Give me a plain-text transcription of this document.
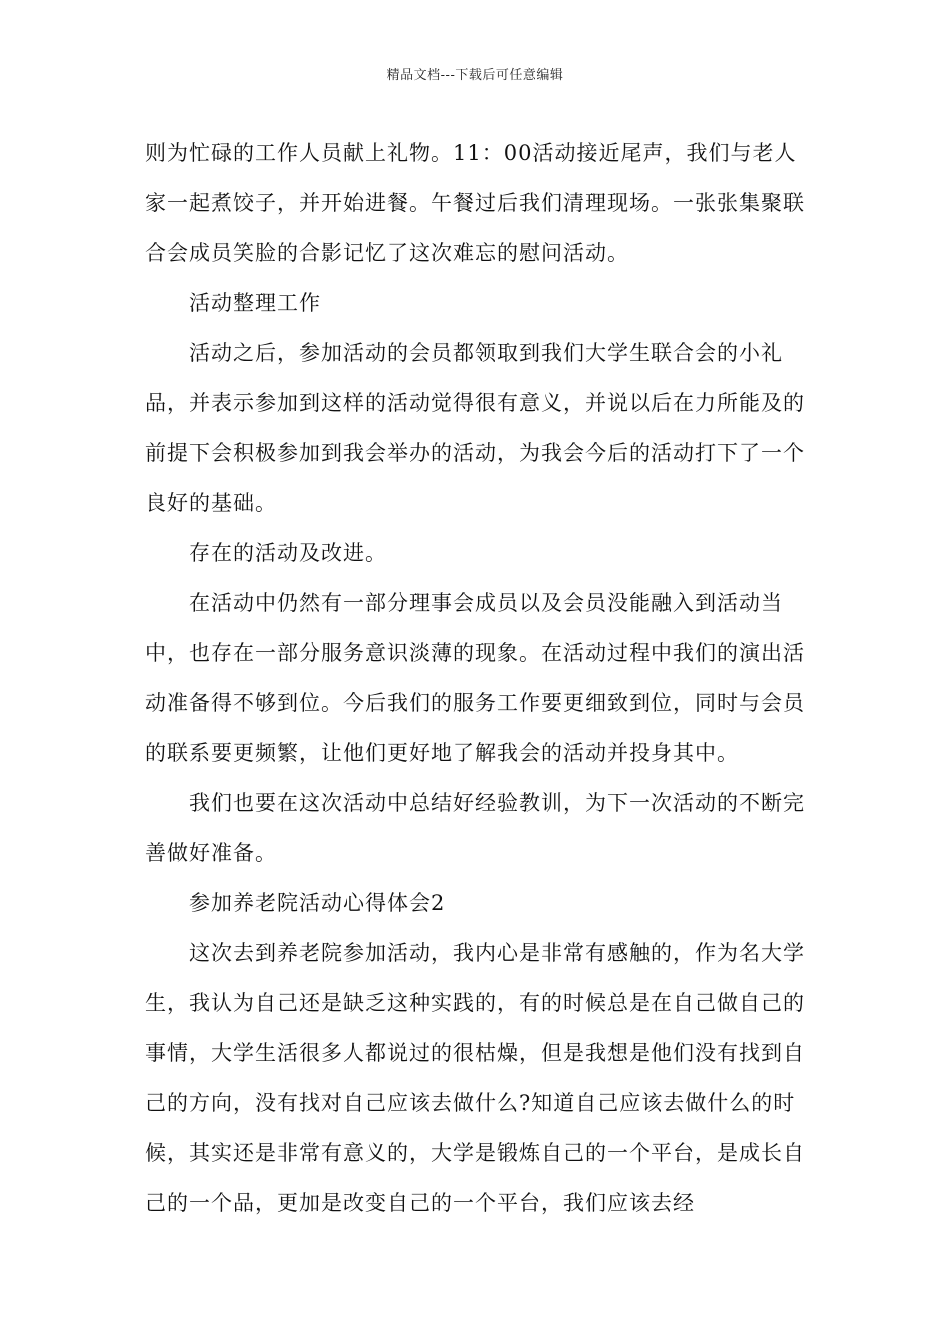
精品文档---下载后可任意编辑

则为忙碌的工作人员献上礼物。11：00活动接近尾声，我们与老人家一起煮饺子，并开始进餐。午餐过后我们清理现场。一张张集聚联合会成员笑脸的合影记忆了这次难忘的慰问活动。

活动整理工作

活动之后，参加活动的会员都领取到我们大学生联合会的小礼品，并表示参加到这样的活动觉得很有意义，并说以后在力所能及的前提下会积极参加到我会举办的活动，为我会今后的活动打下了一个良好的基础。

存在的活动及改进。

在活动中仍然有一部分理事会成员以及会员没能融入到活动当中，也存在一部分服务意识淡薄的现象。在活动过程中我们的演出活动准备得不够到位。今后我们的服务工作要更细致到位，同时与会员的联系要更频繁，让他们更好地了解我会的活动并投身其中。

我们也要在这次活动中总结好经验教训，为下一次活动的不断完善做好准备。

参加养老院活动心得体会2

这次去到养老院参加活动，我内心是非常有感触的，作为名大学生，我认为自己还是缺乏这种实践的，有的时候总是在自己做自己的事情，大学生活很多人都说过的很枯燥，但是我想是他们没有找到自己的方向，没有找对自己应该去做什么?知道自己应该去做什么的时候，其实还是非常有意义的，大学是锻炼自己的一个平台，是成长自己的一个品，更加是改变自己的一个平台，我们应该去经
